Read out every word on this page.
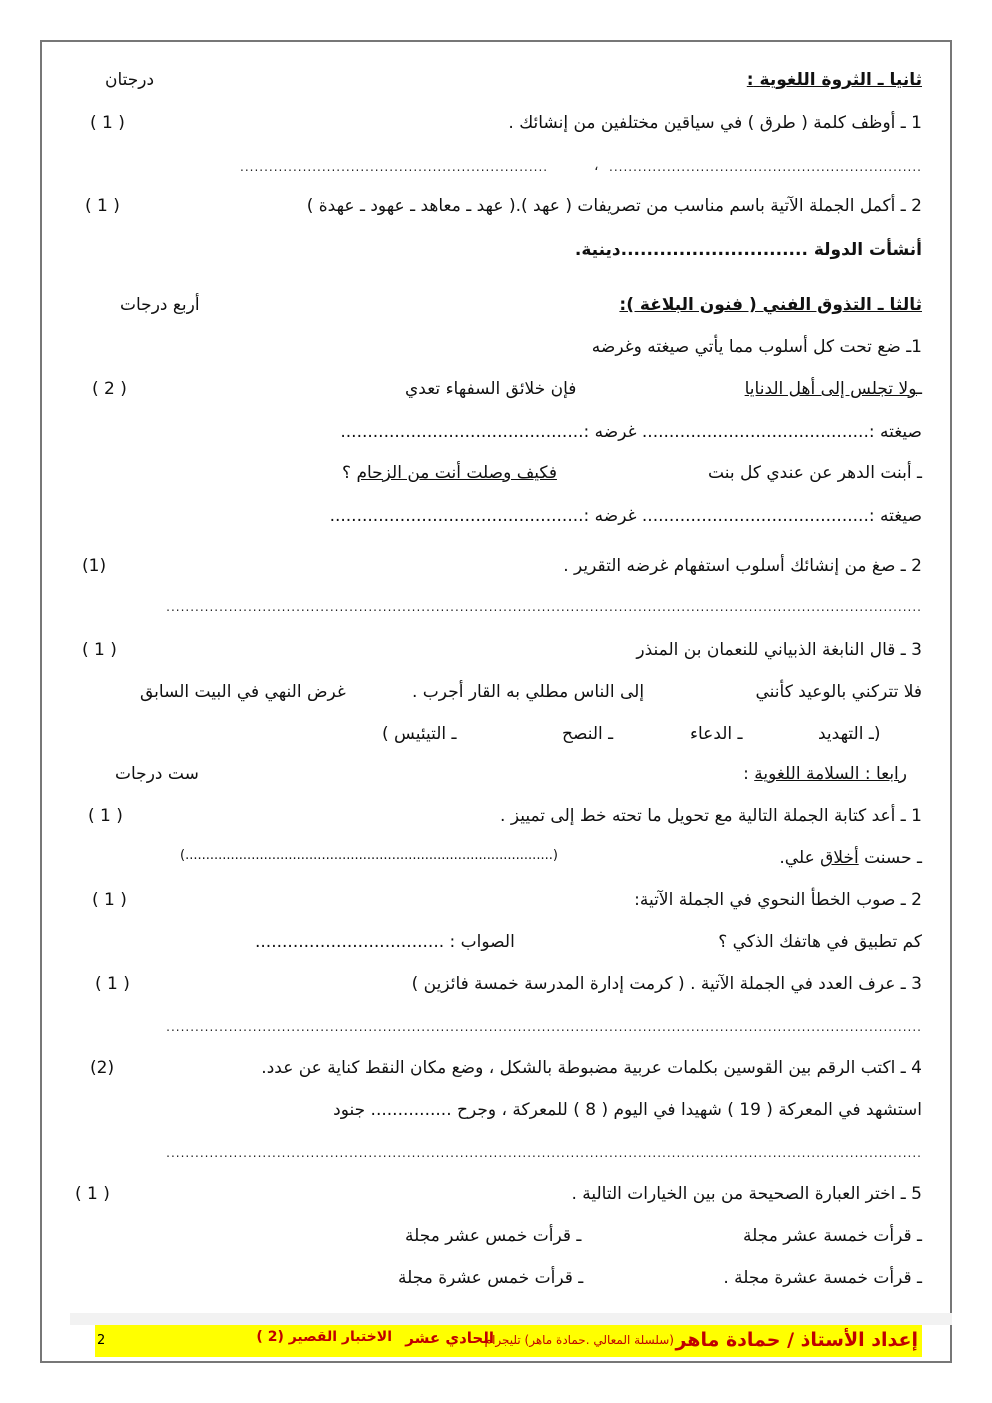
ثانيا ـ الثروة اللغوية :
درجتان
1 ـ أوظف كلمة ( طرق ) في سياقين مختلفين من إنشائك .
( 1 )
.................................................................
،
................................................................
2 ـ أكمل الجملة الآتية باسم مناسب من تصريفات ( عهد ).( عهد ـ معاهد ـ عهود ـ عهدة )
( 1 )
أنشأت الدولة .............................دينية.
ثالثا ـ التذوق الفني ( فنون البلاغة ):
أربع درجات
1ـ ضع تحت كل أسلوب مما يأتي صيغته وغرضه
( 2 )	ـولا تجلس إلى أهل الدنايا
فإن خلائق السفهاء تعدي
صيغته :.......................................... غرضه :.............................................
ـ أبنت الدهر عن عندي كل بنت
فكيف وصلت أنت من الزحام ؟
صيغته :.......................................... غرضه :...............................................
2 ـ صغ من إنشائك أسلوب استفهام غرضه التقرير .
(1)
.............................................................................................................................................................
3 ـ قال النابغة الذبياني للنعمان بن المنذر
( 1 )
فلا تتركني بالوعيد كأنني
إلى الناس مطلي به القار أجرب .
غرض النهي في البيت السابق
(ـ التهديد
ـ الدعاء
ـ النصح
ـ التيئيس )
رابعا : السلامة اللغوية :
ست درجات
1 ـ أعد كتابة الجملة التالية مع تحويل ما تحته خط إلى تمييز .
( 1 )
ـ حسنت أخلاق علي.
(.........................................................................................)
2 ـ صوب الخطأ النحوي في الجملة الآتية:
( 1 )
كم تطبيق في هاتفك الذكي ؟
الصواب : ...................................
3 ـ عرف العدد في الجملة الآتية . ( كرمت إدارة المدرسة خمسة فائزين )
( 1 )
.............................................................................................................................................................
4 ـ اكتب الرقم بين القوسين بكلمات عربية مضبوطة بالشكل ، وضع مكان النقط كناية عن عدد.
(2)
استشهد في المعركة ( 19 ) شهيدا في اليوم ( 8 ) للمعركة ، وجرح ............... جنود
.............................................................................................................................................................
5 ـ اختر العبارة الصحيحة من بين الخيارات التالية .
( 1 )
ـ قرأت خمسة عشر مجلة
ـ قرأت خمس عشر مجلة
ـ قرأت خمسة عشرة مجلة .
ـ قرأت خمس عشرة مجلة
إعداد الأستاذ / حمادة ماهر
(سلسلة المعالي .حمادة ماهر) تليجرام
الحادي عشر
الاختبار القصير (2 )
2
